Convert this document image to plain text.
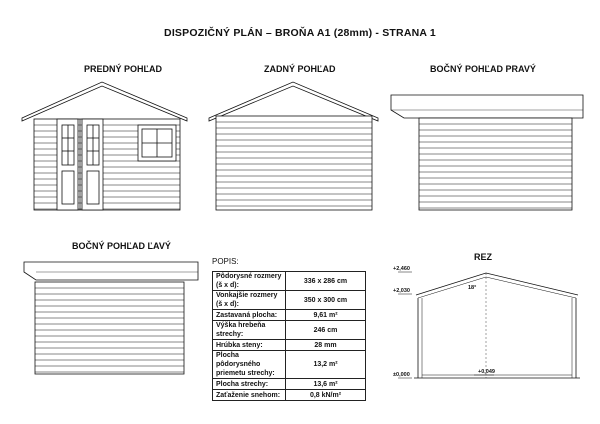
DISPOZIČNÝ PLÁN – BROŇA A1 (28mm) - STRANA 1
PREDNÝ POHĽAD	ZADNÝ POHĽAD	BOČNÝ POHĽAD PRAVÝ
BOČNÝ POHĽAD ĽAVÝ
REZ
+2,460
+2,030
±0,000	+0,049
18°
POPIS:
Pôdorysné rozmery (š x d):	336 x 286 cm
Vonkajšie rozmery (š x d):	350 x 300 cm
Zastavaná plocha:	9,61 m²
Výška hrebeňa strechy:	246 cm
Hrúbka steny:	28 mm
Plocha pôdorysného priemetu strechy:	13,2 m²
Plocha strechy:	13,6 m²
Zaťaženie snehom:	0,8 kN/m²
